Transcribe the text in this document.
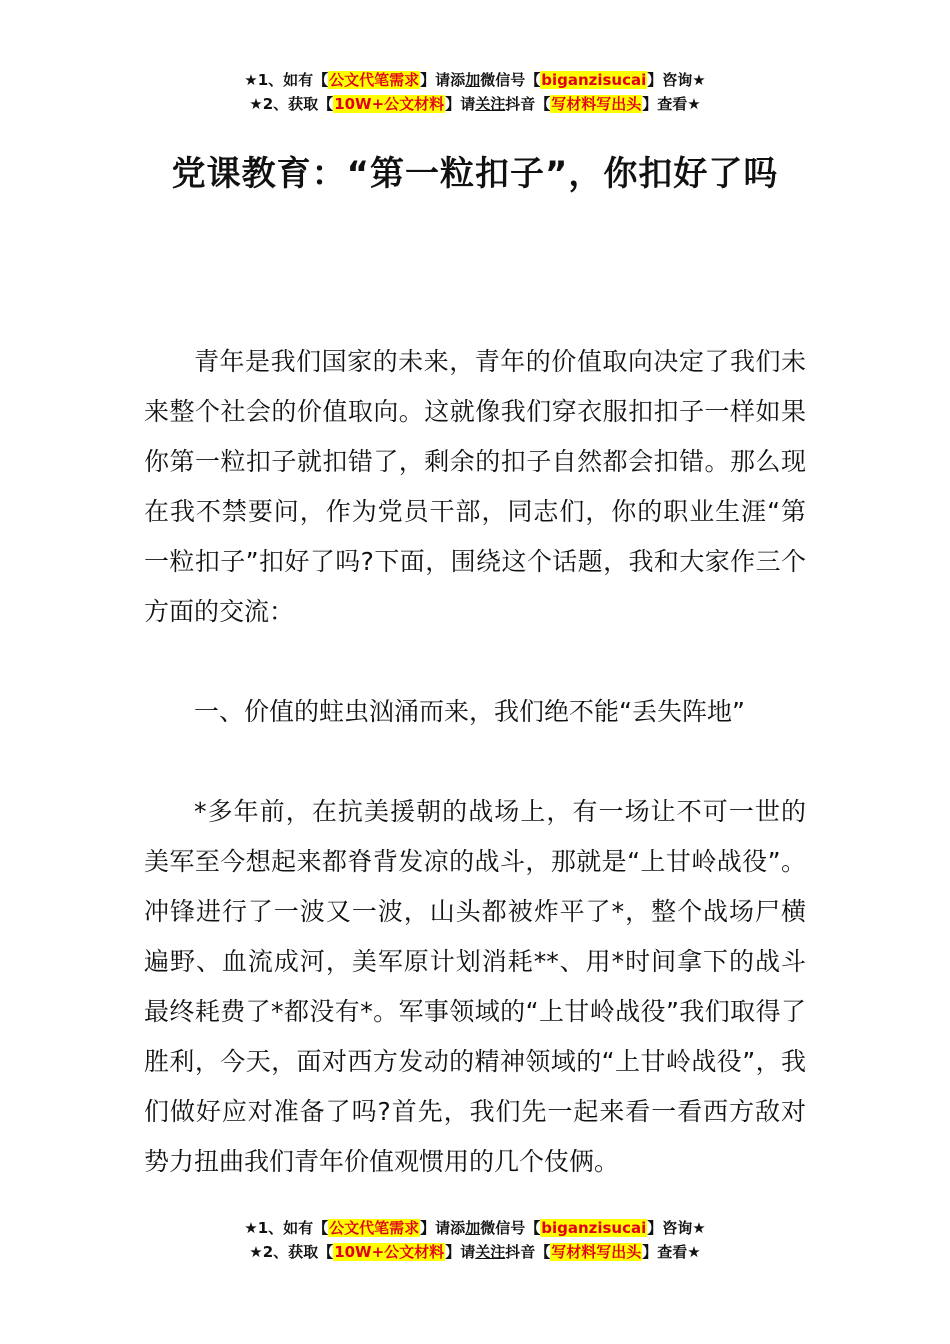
★1、如有【公文代笔需求】请添加微信号【biganzisucai】咨询★
★2、获取【10W+公文材料】请关注抖音【写材料写出头】查看★
党课教育：“第一粒扣子”，你扣好了吗

青年是我们国家的未来，青年的价值取向决定了我们未来整个社会的价值取向。这就像我们穿衣服扣扣子一样如果你第一粒扣子就扣错了，剩余的扣子自然都会扣错。那么现在我不禁要问，作为党员干部，同志们，你的职业生涯“第一粒扣子”扣好了吗?下面，围绕这个话题，我和大家作三个方面的交流：

一、价值的蛀虫汹涌而来，我们绝不能“丢失阵地”

*多年前，在抗美援朝的战场上，有一场让不可一世的美军至今想起来都脊背发凉的战斗，那就是“上甘岭战役”。冲锋进行了一波又一波，山头都被炸平了*，整个战场尸横遍野、血流成河，美军原计划消耗**、用*时间拿下的战斗最终耗费了*都没有*。军事领域的“上甘岭战役”我们取得了胜利，今天，面对西方发动的精神领域的“上甘岭战役”，我们做好应对准备了吗?首先，我们先一起来看一看西方敌对势力扭曲我们青年价值观惯用的几个伎俩。

★1、如有【公文代笔需求】请添加微信号【biganzisucai】咨询★
★2、获取【10W+公文材料】请关注抖音【写材料写出头】查看★
